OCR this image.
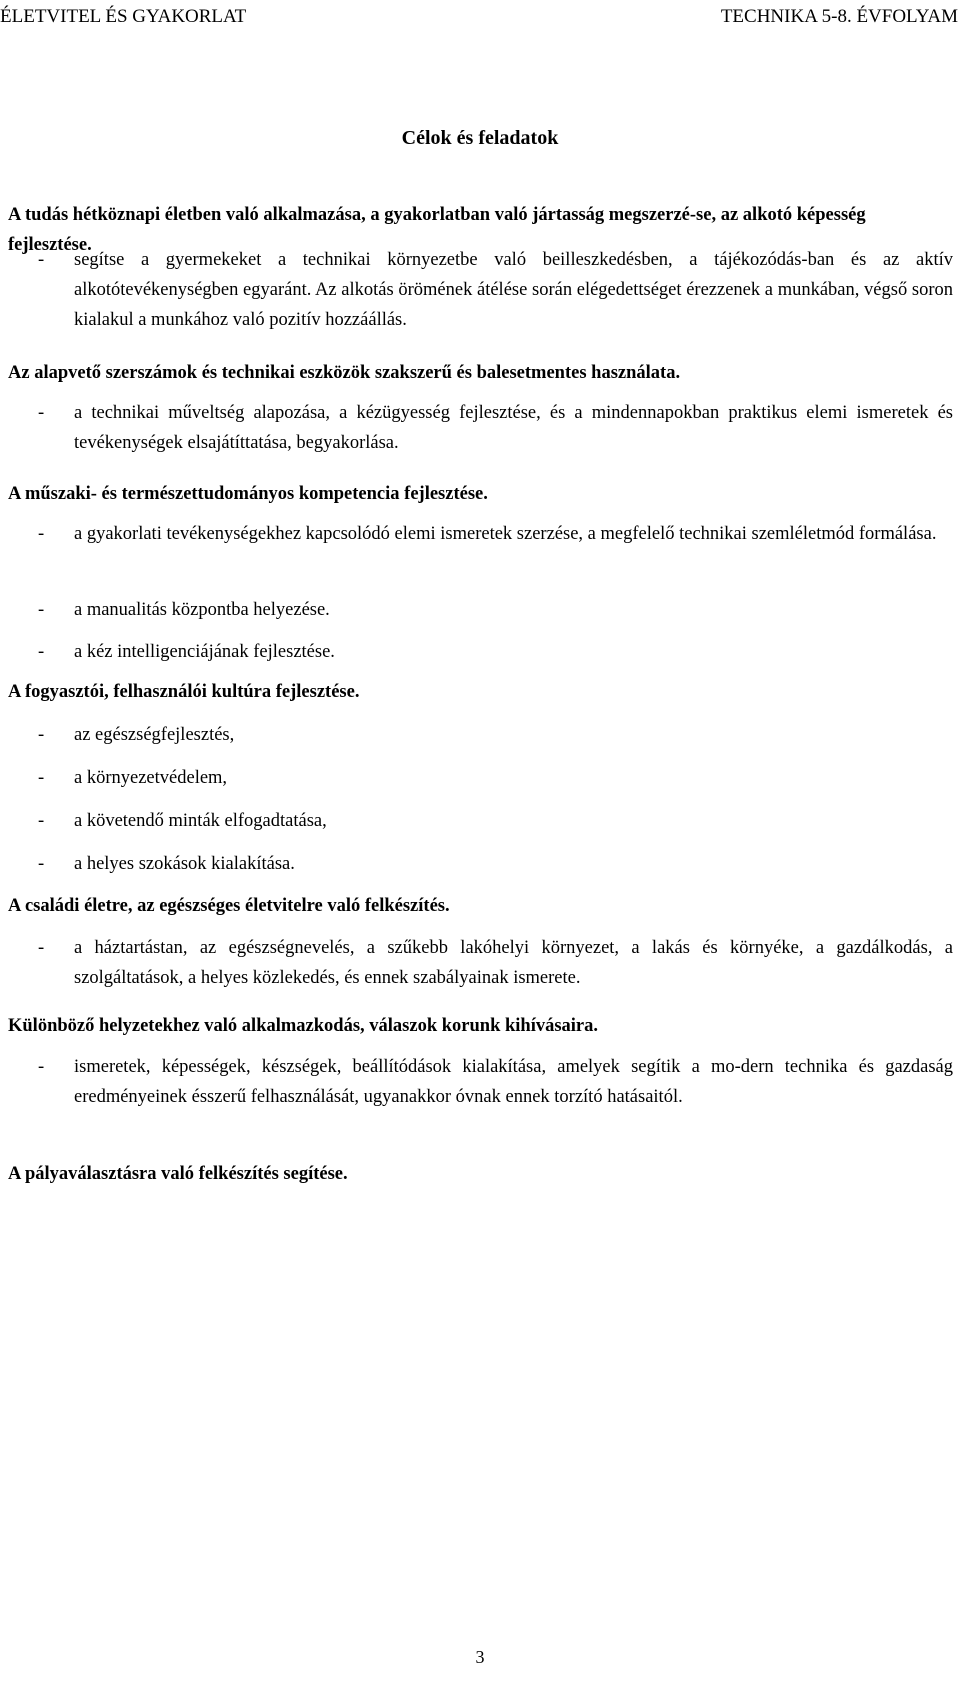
ÉLETVITEL ÉS GYAKORLAT	TECHNIKA 5-8. ÉVFOLYAM
Célok és feladatok
A tudás hétköznapi életben való alkalmazása, a gyakorlatban való jártasság megszerzé-se, az alkotó képesség fejlesztése.
- segítse a gyermekeket a technikai környezetbe való beilleszkedésben, a tájékozódás-ban és az aktív alkotótevékenységben egyaránt. Az alkotás örömének átélése során elégedettséget érezzenek a munkában, végső soron kialakul a munkához való pozitív hozzáállás.
Az alapvető szerszámok és technikai eszközök szakszerű és balesetmentes használata.
- a technikai műveltség alapozása, a kézügyesség fejlesztése, és a mindennapokban praktikus elemi ismeretek és tevékenységek elsajátíttatása, begyakorlása.
A műszaki- és természettudományos kompetencia fejlesztése.
- a gyakorlati tevékenységekhez kapcsolódó elemi ismeretek szerzése, a megfelelő technikai szemléletmód formálása.
- a manualitás központba helyezése.
- a kéz intelligenciájának fejlesztése.
A fogyasztói, felhasználói kultúra fejlesztése.
- az egészségfejlesztés,
- a környezetvédelem,
- a követendő minták elfogadtatása,
- a helyes szokások kialakítása.
A családi életre, az egészséges életvitelre való felkészítés.
- a háztartástan, az egészségnevelés, a szűkebb lakóhelyi környezet, a lakás és környéke, a gazdálkodás, a szolgáltatások, a helyes közlekedés, és ennek szabályainak ismerete.
Különböző helyzetekhez való alkalmazkodás, válaszok korunk kihívásaira.
- ismeretek, képességek, készségek, beállítódások kialakítása, amelyek segítik a mo-dern technika és gazdaság eredményeinek ésszerű felhasználását, ugyanakkor óvnak ennek torzító hatásaitól.
A pályaválasztásra való felkészítés segítése.
3
